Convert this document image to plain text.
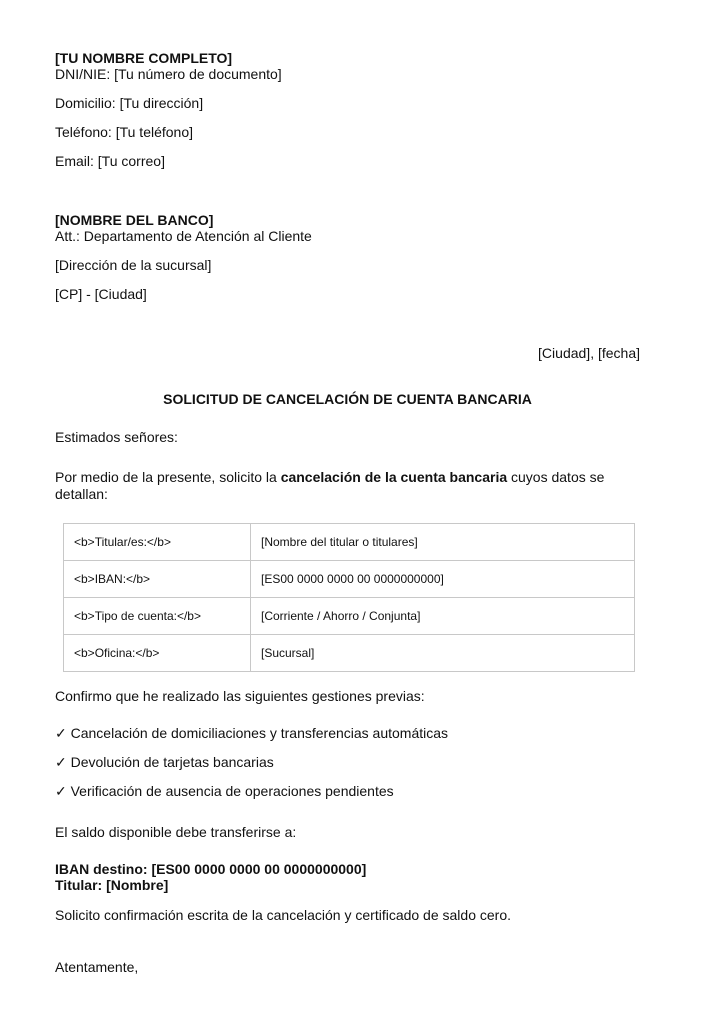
[TU NOMBRE COMPLETO]
DNI/NIE: [Tu número de documento]
Domicilio: [Tu dirección]
Teléfono: [Tu teléfono]
Email: [Tu correo]
[NOMBRE DEL BANCO]
Att.: Departamento de Atención al Cliente
[Dirección de la sucursal]
[CP] - [Ciudad]
[Ciudad], [fecha]
SOLICITUD DE CANCELACIÓN DE CUENTA BANCARIA
Estimados señores:
Por medio de la presente, solicito la cancelación de la cuenta bancaria cuyos datos se detallan:
<b>Titular/es:</b>	[Nombre del titular o titulares]
<b>IBAN:</b>	[ES00 0000 0000 00 0000000000]
<b>Tipo de cuenta:</b>	[Corriente / Ahorro / Conjunta]
<b>Oficina:</b>	[Sucursal]
Confirmo que he realizado las siguientes gestiones previas:
✓ Cancelación de domiciliaciones y transferencias automáticas
✓ Devolución de tarjetas bancarias
✓ Verificación de ausencia de operaciones pendientes
El saldo disponible debe transferirse a:
IBAN destino: [ES00 0000 0000 00 0000000000]
Titular: [Nombre]
Solicito confirmación escrita de la cancelación y certificado de saldo cero.
Atentamente,
